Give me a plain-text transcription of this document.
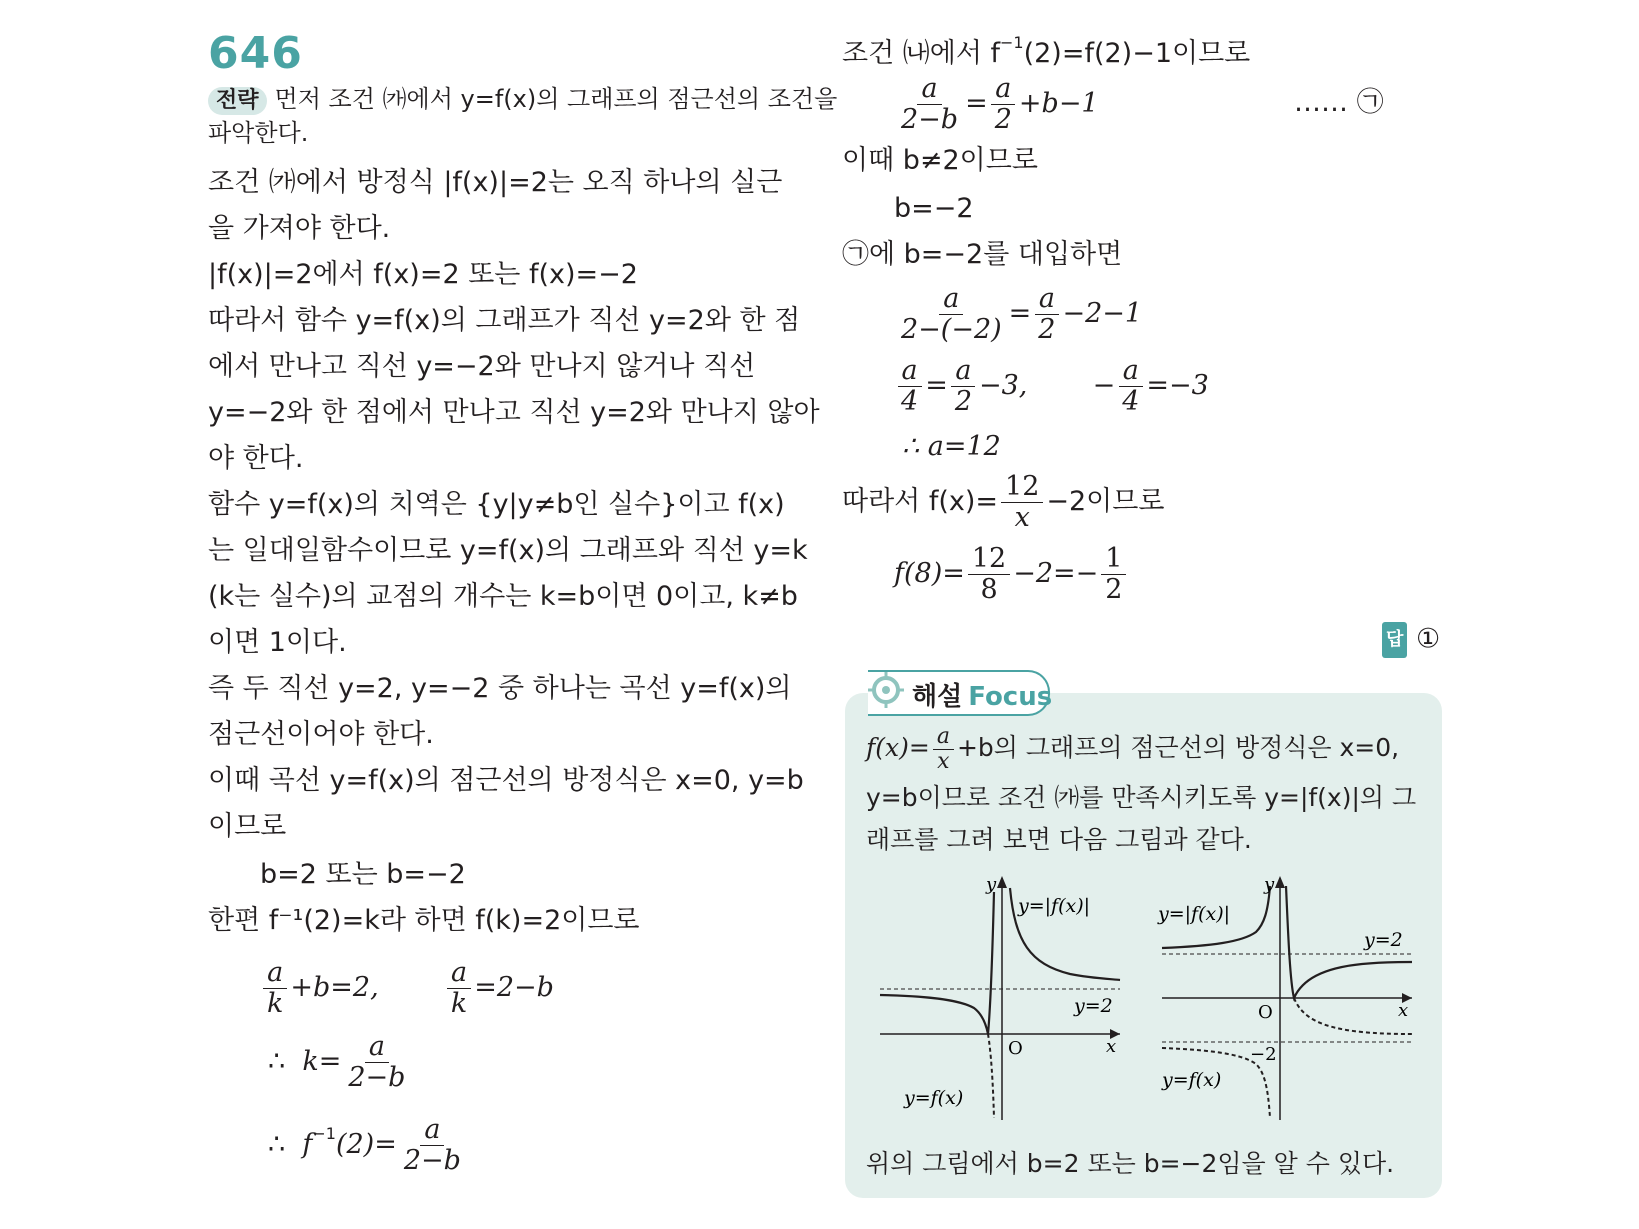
646
전략 먼저 조건 ㈎에서 y=f(x)의 그래프의 점근선의 조건을
파악한다.
조건 ㈎에서 방정식 |f(x)|=2는 오직 하나의 실근
을 가져야 한다.
|f(x)|=2에서 f(x)=2 또는 f(x)=−2
따라서 함수 y=f(x)의 그래프가 직선 y=2와 한 점
에서 만나고 직선 y=−2와 만나지 않거나 직선
y=−2와 한 점에서 만나고 직선 y=2와 만나지 않아
야 한다.
함수 y=f(x)의 치역은 {y|y≠b인 실수}이고 f(x)
는 일대일함수이므로 y=f(x)의 그래프와 직선 y=k
(k는 실수)의 교점의 개수는 k=b이면 0이고, k≠b
이면 1이다.
즉 두 직선 y=2, y=−2 중 하나는 곡선 y=f(x)의
점근선이어야 한다.
이때 곡선 y=f(x)의 점근선의 방정식은 x=0, y=b
이므로
b=2 또는 b=−2
한편 f⁻¹(2)=k라 하면 f(k)=2이므로
$\frac{a}{k} +b=2$,	$\frac{a}{k} =2-b$
∴ $k= \frac{a}{2-b}$
∴ $f^{-1}(2)= \frac{a}{2-b}$
조건 ㈏에서 $f^{-1}(2)=f(2)-1$이므로
$\frac{a}{2-b} = \frac{a}{2} +b-1$	…… ㉠
이때 b≠2이므로
b=−2
㉠에 b=−2를 대입하면
$\frac{a}{2-(-2)} = \frac{a}{2} -2-1$
$\frac{a}{4} = \frac{a}{2} -3$, − $\frac{a}{4} =-3$
∴ a=12
따라서 $f(x)= \frac{12}{x} -2$이므로
$f(8)= \frac{12}{8} -2=- \frac{1}{2}$
답 ①
해설 Focus
$f(x)= \frac{a}{x} +b$의 그래프의 점근선의 방정식은 x=0,
y=b이므로 조건 ㈎를 만족시키도록 y=|f(x)|의 그
래프를 그려 보면 다음 그림과 같다.
y
x
O
y=|f(x)|
y=2
y=f(x)
y
x
O
y=|f(x)|
y=2
−2
y=f(x)
위의 그림에서 b=2 또는 b=−2임을 알 수 있다.
